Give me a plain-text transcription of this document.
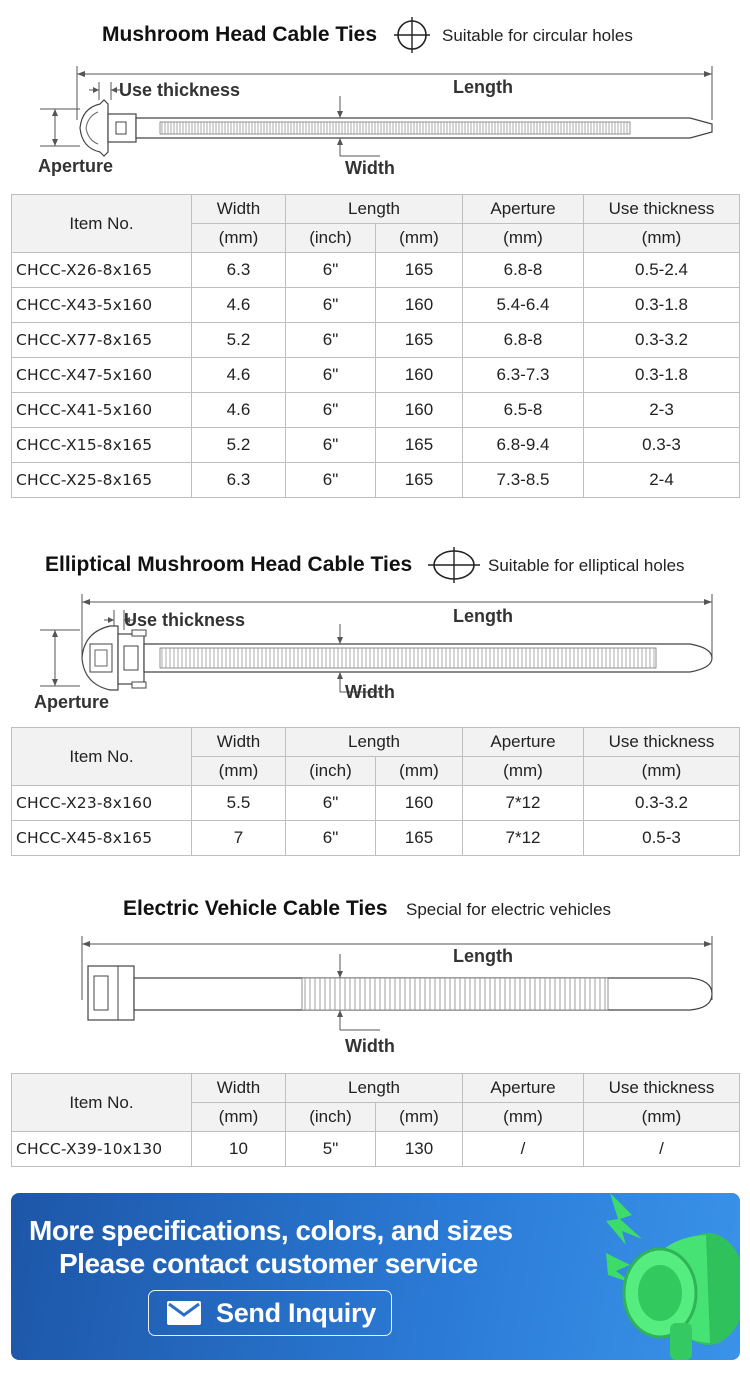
Mushroom Head Cable Ties	Suitable for circular holes
Use thickness	Length
Aperture	Width
Item No.	Width	Length		Aperture	Use thickness
	(mm)	(inch)	(mm)	(mm)	(mm)
CHCC-X26-8x165	6.3	6"	165	6.8-8	0.5-2.4
CHCC-X43-5x160	4.6	6"	160	5.4-6.4	0.3-1.8
CHCC-X77-8x165	5.2	6"	165	6.8-8	0.3-3.2
CHCC-X47-5x160	4.6	6"	160	6.3-7.3	0.3-1.8
CHCC-X41-5x160	4.6	6"	160	6.5-8	2-3
CHCC-X15-8x165	5.2	6"	165	6.8-9.4	0.3-3
CHCC-X25-8x165	6.3	6"	165	7.3-8.5	2-4
Elliptical Mushroom Head Cable Ties	Suitable for elliptical holes
Use thickness	Length
Aperture	Width
Item No.	Width	Length		Aperture	Use thickness
	(mm)	(inch)	(mm)	(mm)	(mm)
CHCC-X23-8x160	5.5	6"	160	7*12	0.3-3.2
CHCC-X45-8x165	7	6"	165	7*12	0.5-3
Electric Vehicle Cable Ties Special for electric vehicles
Length
Width
Item No.	Width	Length		Aperture	Use thickness
	(mm)	(inch)	(mm)	(mm)	(mm)
CHCC-X39-10x130	10	5"	130	/	/
More specifications, colors, and sizes
Please contact customer service
Send Inquiry
